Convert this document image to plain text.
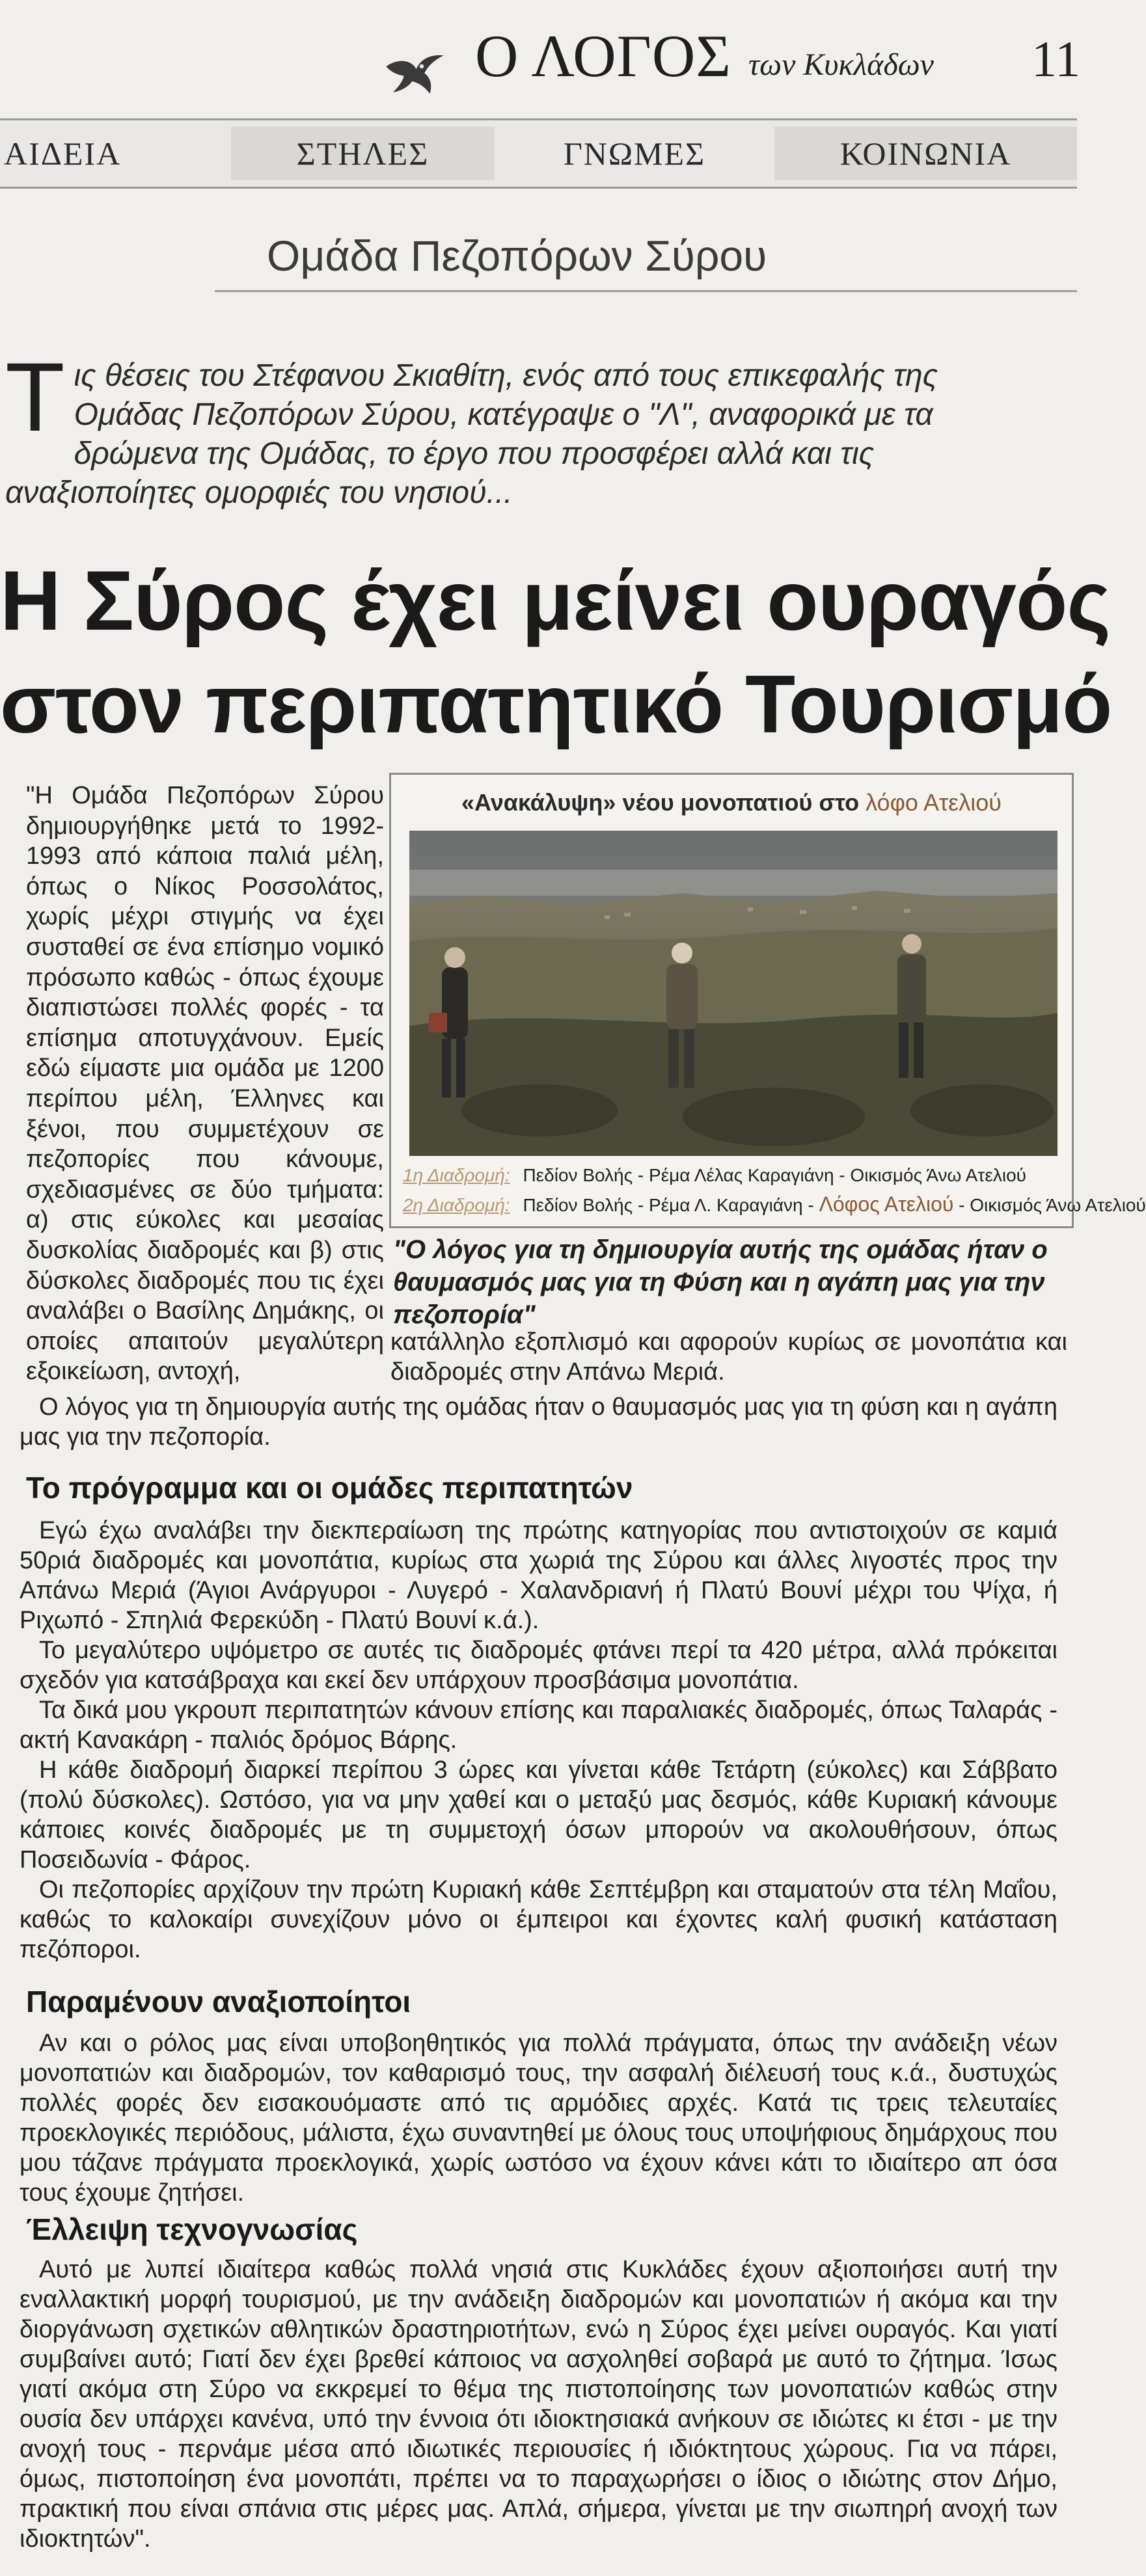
Ο ΛΟΓΟΣ των Κυκλάδων 11
ΑΙΔΕΙΑ	ΣΤΗΛΕΣ	ΓΝΩΜΕΣ	ΚΟΙΝΩΝΙΑ
Ομάδα Πεζοπόρων Σύρου
Τ ις θέσεις του Στέφανου Σκιαθίτη, ενός από τους επικεφαλής της Ομάδας Πεζοπόρων Σύρου, κατέγραψε ο "Λ", αναφορικά με τα δρώμενα της Ομάδας, το έργο που προσφέρει αλλά και τις αναξιοποίητες ομορφιές του νησιού...
Η Σύρος έχει μείνει ουραγός
στον περιπατητικό Τουρισμό
"Η Ομάδα Πεζοπόρων Σύρου δημιουργήθηκε μετά το 1992-1993 από κάποια παλιά μέλη, όπως ο Νίκος Ροσσολάτος, χωρίς μέχρι στιγμής να έχει συσταθεί σε ένα επίσημο νομικό πρόσωπο καθώς - όπως έχουμε διαπιστώσει πολλές φορές - τα επίσημα αποτυγχάνουν. Εμείς εδώ είμαστε μια ομάδα με 1200 περίπου μέλη, Έλληνες και ξένοι, που συμμετέχουν σε πεζοπορίες που κάνουμε, σχεδιασμένες σε δύο τμήματα: α) στις εύκολες και μεσαίας δυσκολίας διαδρομές και β) στις δύσκολες διαδρομές που τις έχει αναλάβει ο Βασίλης Δημάκης, οι οποίες απαιτούν μεγαλύτερη εξοικείωση, αντοχή,
«Ανακάλυψη» νέου μονοπατιού στο λόφο Ατελιού
1η Διαδρομή: Πεδίον Βολής - Ρέμα Λέλας Καραγιάνη - Οικισμός Άνω Ατελιού
2η Διαδρομή: Πεδίον Βολής - Ρέμα Λ. Καραγιάνη - Λόφος Ατελιού - Οικισμός Άνω Ατελιού
"Ο λόγος για τη δημιουργία αυτής της ομάδας ήταν ο θαυμασμός μας για τη Φύση και η αγάπη μας για την πεζοπορία"
κατάλληλο εξοπλισμό και αφορούν κυρίως σε μονοπάτια και διαδρομές στην Απάνω Μεριά.

Ο λόγος για τη δημιουργία αυτής της ομάδας ήταν ο θαυμασμός μας για τη φύση και η αγάπη μας για την πεζοπορία.

Το πρόγραμμα και οι ομάδες περιπατητών

Εγώ έχω αναλάβει την διεκπεραίωση της πρώτης κατηγορίας που αντιστοιχούν σε καμιά 50ριά διαδρομές και μονοπάτια, κυρίως στα χωριά της Σύρου και άλλες λιγοστές προς την Απάνω Μεριά (Άγιοι Ανάργυροι - Λυγερό - Χαλανδριανή ή Πλατύ Βουνί μέχρι του Ψίχα, ή Ριχωπό - Σπηλιά Φερεκύδη - Πλατύ Βουνί κ.ά.).

Το μεγαλύτερο υψόμετρο σε αυτές τις διαδρομές φτάνει περί τα 420 μέτρα, αλλά πρόκειται σχεδόν για κατσάβραχα και εκεί δεν υπάρχουν προσβάσιμα μονοπάτια.

Τα δικά μου γκρουπ περιπατητών κάνουν επίσης και παραλιακές διαδρομές, όπως Ταλαράς - ακτή Κανακάρη - παλιός δρόμος Βάρης.

Η κάθε διαδρομή διαρκεί περίπου 3 ώρες και γίνεται κάθε Τετάρτη (εύκολες) και Σάββατο (πολύ δύσκολες). Ωστόσο, για να μην χαθεί και ο μεταξύ μας δεσμός, κάθε Κυριακή κάνουμε κάποιες κοινές διαδρομές με τη συμμετοχή όσων μπορούν να ακολουθήσουν, όπως Ποσειδωνία - Φάρος.

Οι πεζοπορίες αρχίζουν την πρώτη Κυριακή κάθε Σεπτέμβρη και σταματούν στα τέλη Μαΐου, καθώς το καλοκαίρι συνεχίζουν μόνο οι έμπειροι και έχοντες καλή φυσική κατάσταση πεζόποροι.

Παραμένουν αναξιοποίητοι

Αν και ο ρόλος μας είναι υποβοηθητικός για πολλά πράγματα, όπως την ανάδειξη νέων μονοπατιών και διαδρομών, τον καθαρισμό τους, την ασφαλή διέλευσή τους κ.ά., δυστυχώς πολλές φορές δεν εισακουόμαστε από τις αρμόδιες αρχές. Κατά τις τρεις τελευταίες προεκλογικές περιόδους, μάλιστα, έχω συναντηθεί με όλους τους υποψήφιους δημάρχους που μου τάζανε πράγματα προεκλογικά, χωρίς ωστόσο να έχουν κάνει κάτι το ιδιαίτερο απ όσα τους έχουμε ζητήσει.

Έλλειψη τεχνογνωσίας

Αυτό με λυπεί ιδιαίτερα καθώς πολλά νησιά στις Κυκλάδες έχουν αξιοποιήσει αυτή την εναλλακτική μορφή τουρισμού, με την ανάδειξη διαδρομών και μονοπατιών ή ακόμα και την διοργάνωση σχετικών αθλητικών δραστηριοτήτων, ενώ η Σύρος έχει μείνει ουραγός. Και γιατί συμβαίνει αυτό; Γιατί δεν έχει βρεθεί κάποιος να ασχοληθεί σοβαρά με αυτό το ζήτημα. Ίσως γιατί ακόμα στη Σύρο να εκκρεμεί το θέμα της πιστοποίησης των μονοπατιών καθώς στην ουσία δεν υπάρχει κανένα, υπό την έννοια ότι ιδιοκτησιακά ανήκουν σε ιδιώτες κι έτσι - με την ανοχή τους - περνάμε μέσα από ιδιωτικές περιουσίες ή ιδιόκτητους χώρους. Για να πάρει, όμως, πιστοποίηση ένα μονοπάτι, πρέπει να το παραχωρήσει ο ίδιος ο ιδιώτης στον Δήμο, πρακτική που είναι σπάνια στις μέρες μας. Απλά, σήμερα, γίνεται με την σιωπηρή ανοχή των ιδιοκτητών".
